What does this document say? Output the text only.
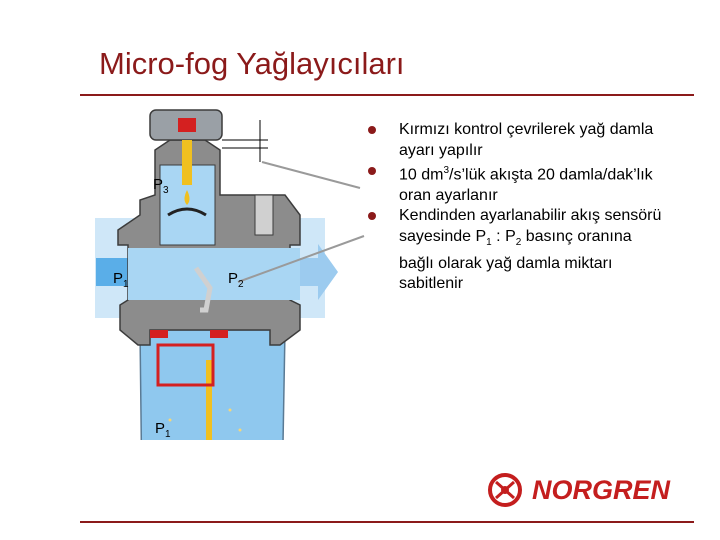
Micro-fog Yağlayıcıları
$P_3$
$P_1$	$P_2$
$P_1$
Kırmızı kontrol çevrilerek yağ damla ayarı yapılır
10 $dm^3/s’lük$ akışta 20 damla/dak’lık oran ayarlanır
Kendinden ayarlanabilir akış sensörü sayesinde $P_1$ : $P_2$ basınç oranına bağlı olarak yağ damla miktarı sabitlenir
NORGREN
